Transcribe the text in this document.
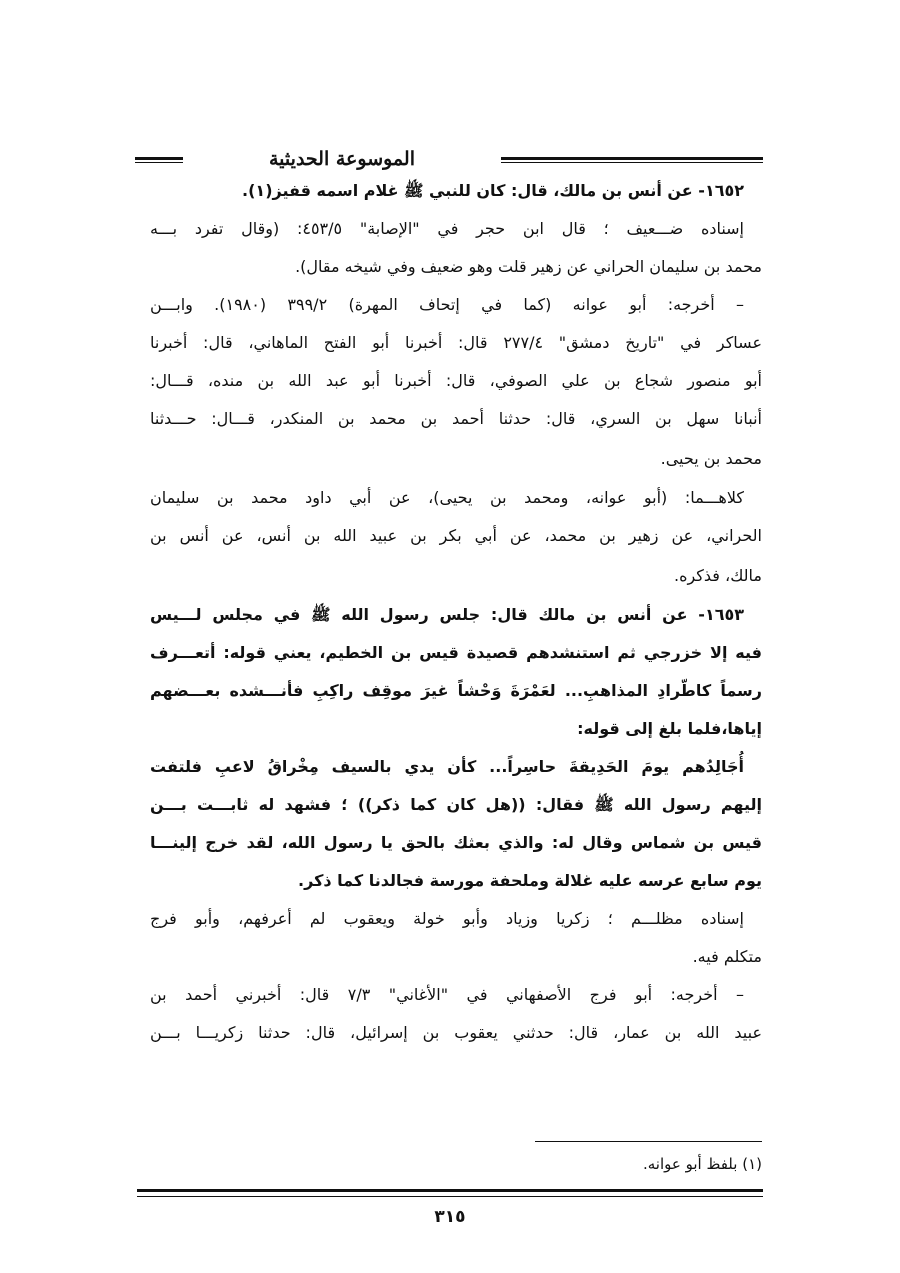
الموسوعة الحديثية
١٦٥٢- عن أنس بن مالك، قال: كان للنبي ﷺ غلام اسمه قفيز(١).
إسناده ضـــعيف ؛ قال ابن حجر في "الإصابة" ٤٥٣/٥: (وقال تفرد بـــه
محمد بن سليمان الحراني عن زهير قلت وهو ضعيف وفي شيخه مقال).
– أخرجه: أبو عوانه (كما في إتحاف المهرة) ٣٩٩/٢ (١٩٨٠). وابـــن
عساكر في "تاريخ دمشق" ٢٧٧/٤ قال: أخبرنا أبو الفتح الماهاني، قال: أخبرنا
أبو منصور شجاع بن علي الصوفي، قال: أخبرنا أبو عبد الله بن منده، قـــال:
أنبانا سهل بن السري، قال: حدثنا أحمد بن محمد بن المنكدر، قـــال: حـــدثنا
محمد بن يحيى.
كلاهـــما: (أبو عوانه، ومحمد بن يحيى)، عن أبي داود محمد بن سليمان
الحراني، عن زهير بن محمد، عن أبي بكر بن عبيد الله بن أنس، عن أنس بن
مالك، فذكره.
١٦٥٣- عن أنس بن مالك قال: جلس رسول الله ﷺ في مجلس لـــيس
فيه إلا خزرجي ثم استنشدهم قصيدة قيس بن الخطيم، يعني قوله: أتعـــرف
رسماً كاطّرادِ المذاهبِ... لعَمْرَةَ وَحْشاً غيرَ موقِف راكِبِ فأنـــشده بعـــضهم
إياها،فلما بلغ إلى قوله:
أُجَالِدُهم يومَ الحَدِيقةَ حاسِراً... كأن يدي بالسيف مِخْراقُ لاعبِ فلتفت
إليهم رسول الله ﷺ فقال: ((هل كان كما ذكر)) ؛ فشهد له ثابـــت بـــن
قيس بن شماس وقال له: والذي بعثك بالحق يا رسول الله، لقد خرج إلينـــا
يوم سابع عرسه عليه غلالة وملحفة مورسة فجالدنا كما ذكر.
إسناده مظلـــم ؛ زكريا وزياد وأبو خولة ويعقوب لم أعرفهم، وأبو فرج
متكلم فيه.
– أخرجه: أبو فرج الأصفهاني في "الأغاني" ٧/٣ قال: أخبرني أحمد بن
عبيد الله بن عمار، قال: حدثني يعقوب بن إسرائيل، قال: حدثنا زكريـــا بـــن
(١) بلفظ أبو عوانه.
٣١٥
